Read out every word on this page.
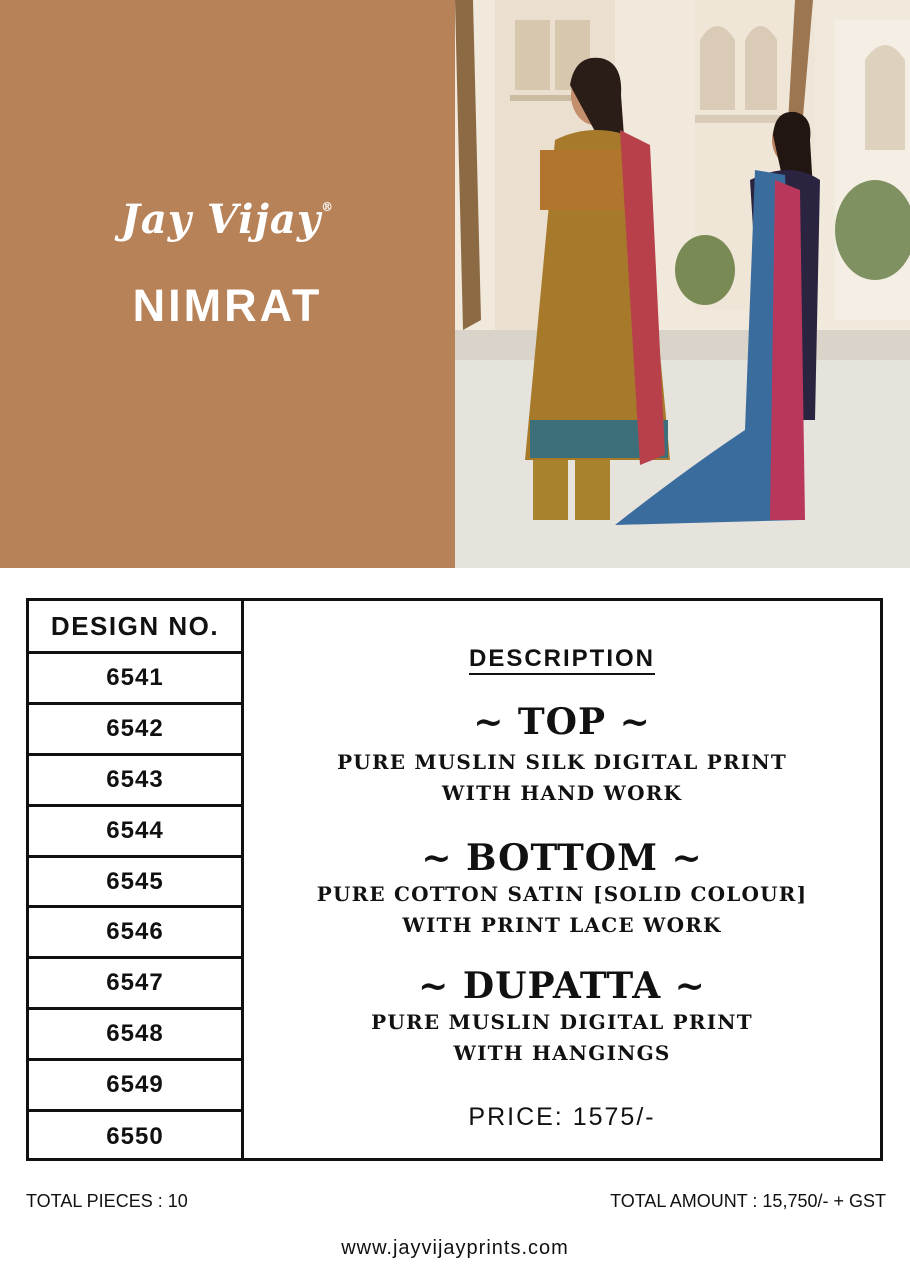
Jay Vijay®
NIMRAT
DESIGN NO.
6541
6542
6543
6544
6545
6546
6547
6548
6549
6550
DESCRIPTION
~ TOP ~
PURE MUSLIN SILK DIGITAL PRINT
WITH HAND WORK
~ BOTTOM ~
PURE COTTON SATIN [SOLID COLOUR]
WITH PRINT LACE WORK
~ DUPATTA ~
PURE MUSLIN DIGITAL PRINT
WITH HANGINGS
PRICE: 1575/-
TOTAL PIECES : 10	TOTAL AMOUNT : 15,750/- + GST
www.jayvijayprints.com
